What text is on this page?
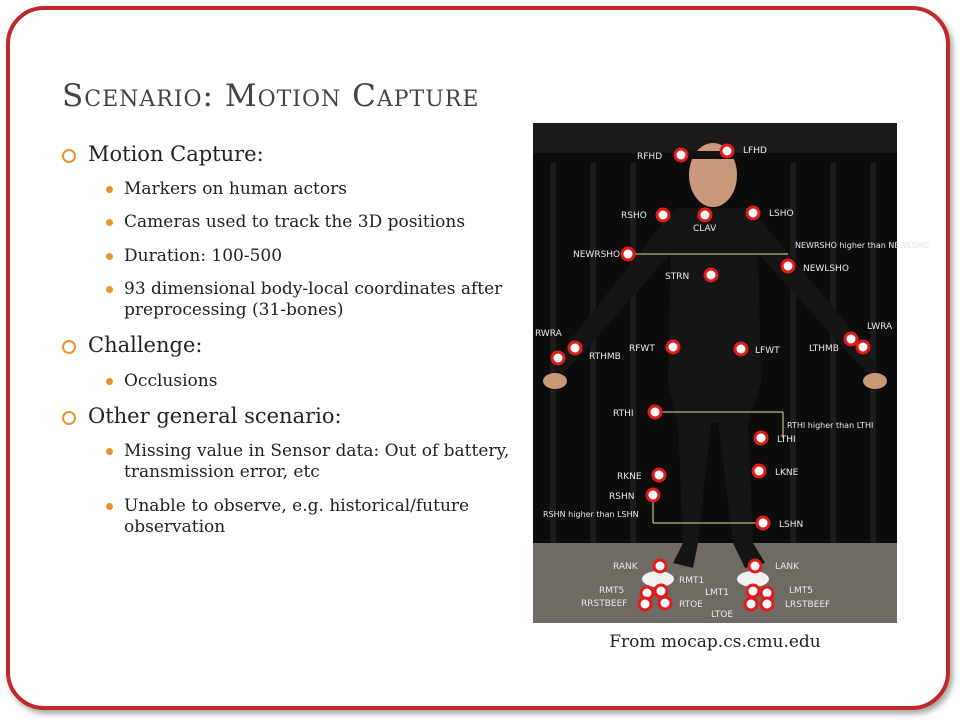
Scenario: Motion Capture
Motion Capture:
Markers on human actors
Cameras used to track the 3D positions
Duration: 100-500
93 dimensional body-local coordinates after preprocessing (31-bones)
Challenge:
Occlusions
Other general scenario:
Missing value in Sensor data: Out of battery, transmission error, etc
Unable to observe, e.g. historical/future observation
RFHD
LFHD
RSHO	LSHO
CLAV
NEWRSHO
NEWRSHO higher than NEWLSHO
NEWLSHO
STRN
RWRA
RTHMB
RFWT	LFWT
LWRA
LTHMB
RTHI
RTHI higher than LTHI
LTHI
RKNE	LKNE
RSHN
RSHN higher than LSHN
LSHN
RANK	LANK
RMT1
RMT5
RRSTBEEF	RTOE
LMT1	LMT5
LTOE
LRSTBEEF
From mocap.cs.cmu.edu
